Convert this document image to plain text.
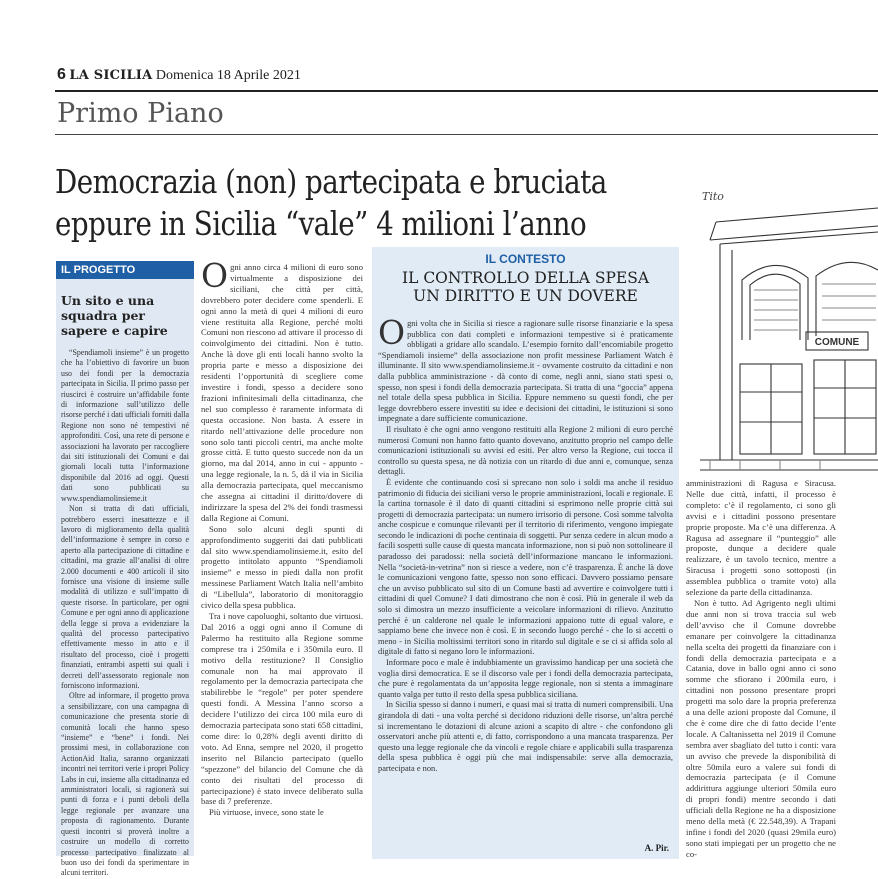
6 LA SICILIA Domenica 18 Aprile 2021
Primo Piano
Democrazia (non) partecipata e bruciata
eppure in Sicilia “vale” 4 milioni l’anno
IL PROGETTO
Un sito e una squadra per sapere e capire

“Spendiamoli insieme” è un progetto che ha l’obiettivo di favorire un buon uso dei fondi per la democrazia partecipata in Sicilia. Il primo passo per riuscirci è costruire un’affidabile fonte di informazione sull’utilizzo delle risorse perché i dati ufficiali forniti dalla Regione non sono né tempestivi né approfonditi. Così, una rete di persone e associazioni ha lavorato per raccogliere dai siti istituzionali dei Comuni e dai giornali locali tutta l’informazione disponibile dal 2016 ad oggi. Questi dati sono pubblicati su www.spendiamolinsieme.it

Non si tratta di dati ufficiali, potrebbero esserci inesattezze e il lavoro di miglioramento della qualità dell’informazione è sempre in corso e aperto alla partecipazione di cittadine e cittadini, ma grazie all’analisi di oltre 2.000 documenti e 400 articoli il sito fornisce una visione di insieme sulle modalità di utilizzo e sull’impatto di queste risorse. In particolare, per ogni Comune e per ogni anno di applicazione della legge si prova a evidenziare la qualità del processo partecipativo effettivamente messo in atto e il risultato del processo, cioè i progetti finanziati, entrambi aspetti sui quali i decreti dell’assessorato regionale non forniscono informazioni.

Oltre ad informare, il progetto prova a sensibilizzare, con una campagna di comunicazione che presenta storie di comunità locali che hanno speso “insieme” e “bene” i fondi. Nei prossimi mesi, in collaborazione con ActionAid Italia, saranno organizzati incontri nei territori verie i propri Policy Labs in cui, insieme alla cittadinanza ed amministratori locali, si ragionerà sui punti di forza e i punti deboli della legge regionale per avanzare una proposta di ragionamento. Durante questi incontri si proverà inoltre a costruire un modello di corretto processo partecipativo finalizzato al buon uso dei fondi da sperimentare in alcuni territori.

O gni anno circa 4 milioni di euro sono virtualmente a disposizione dei siciliani, che città per città, dovrebbero poter decidere come spenderli. E ogni anno la metà di quei 4 milioni di euro viene restituita alla Regione, perché molti Comuni non riescono ad attivare il processo di coinvolgimento dei cittadini. Non è tutto. Anche là dove gli enti locali hanno svolto la propria parte e messo a disposizione dei residenti l’opportunità di scegliere come investire i fondi, spesso a decidere sono frazioni infinitesimali della cittadinanza, che nel suo complesso è raramente informata di questa occasione. Non basta. A essere in ritardo nell’attivazione delle procedure non sono solo tanti piccoli centri, ma anche molte grosse città. E tutto questo succede non da un giorno, ma dal 2014, anno in cui - appunto - una legge regionale, la n. 5, dà il via in Sicilia alla democrazia partecipata, quel meccanismo che assegna ai cittadini il diritto/dovere di indirizzare la spesa del 2% dei fondi trasmessi dalla Regione ai Comuni.

Sono solo alcuni degli spunti di approfondimento suggeriti dai dati pubblicati dal sito www.spendiamolinsieme.it, esito del progetto intitolato appunto “Spendiamoli insieme” e messo in piedi dalla non profit messinese Parliament Watch Italia nell’ambito di “Libellula”, laboratorio di monitoraggio civico della spesa pubblica.

Tra i nove capoluoghi, soltanto due virtuosi. Dal 2016 a oggi ogni anno il Comune di Palermo ha restituito alla Regione somme comprese tra i 250mila e i 350mila euro. Il motivo della restituzione? Il Consiglio comunale non ha mai approvato il regolamento per la democrazia partecipata che stabilirebbe le “regole” per poter spendere questi fondi. A Messina l’anno scorso a decidere l’utilizzo dei circa 100 mila euro di democrazia partecipata sono stati 658 cittadini, come dire: lo 0,28% degli aventi diritto di voto. Ad Enna, sempre nel 2020, il progetto inserito nel Bilancio partecipato (quello “spezzone” del bilancio del Comune che dà conto dei risultati del processo di partecipazione) è stato invece deliberato sulla base di 7 preferenze.

Più virtuose, invece, sono state le

IL CONTESTO
IL CONTROLLO DELLA SPESA
UN DIRITTO E UN DOVERE
O gni volta che in Sicilia si riesce a ragionare sulle risorse finanziarie e la spesa pubblica con dati completi e informazioni tempestive si è praticamente obbligati a gridare allo scandalo. L’esempio fornito dall’encomiabile progetto “Spendiamoli insieme” della associazione non profit messinese Parliament Watch è illuminante. Il sito www.spendiamolinsieme.it - ovvamente costruito da cittadini e non dalla pubblica amministrazione - dà conto di come, negli anni, siano stati spesi o, spesso, non spesi i fondi della democrazia partecipata. Si tratta di una “goccia” appena nel totale della spesa pubblica in Sicilia. Eppure nemmeno su questi fondi, che per legge dovrebbero essere investiti su idee e decisioni dei cittadini, le istituzioni si sono impegnate a dare sufficiente comunicazione.

Il risultato è che ogni anno vengono restituiti alla Regione 2 milioni di euro perché numerosi Comuni non hanno fatto quanto dovevano, anzitutto proprio nel campo delle comunicazioni istituzionali su avvisi ed esiti. Per altro verso la Regione, cui tocca il controllo su questa spesa, ne dà notizia con un ritardo di due anni e, comunque, senza dettagli.

È evidente che continuando così si sprecano non solo i soldi ma anche il residuo patrimonio di fiducia dei siciliani verso le proprie amministrazioni, locali e regionale. E la cartina tornasole è il dato di quanti cittadini si esprimono nelle proprie città sui progetti di democrazia partecipata: un numero irrisorio di persone. Così somme talvolta anche cospicue e comunque rilevanti per il territorio di riferimento, vengono impiegate secondo le indicazioni di poche centinaia di soggetti. Pur senza cedere in alcun modo a facili sospetti sulle cause di questa mancata informazione, non si può non sottolineare il paradosso dei paradossi: nella società dell’informazione mancano le informazioni. Nella “società-in-vetrina” non si riesce a vedere, non c’è trasparenza. È anche là dove le comunicazioni vengono fatte, spesso non sono efficaci. Davvero possiamo pensare che un avviso pubblicato sul sito di un Comune basti ad avvertire e coinvolgere tutti i cittadini di quel Comune? I dati dimostrano che non è così. Più in generale il web da solo si dimostra un mezzo insufficiente a veicolare informazioni di rilievo. Anzitutto perché è un calderone nel quale le informazioni appaiono tutte di egual valore, e sappiamo bene che invece non è così. E in secondo luogo perché - che lo si accetti o meno - in Sicilia moltissimi territori sono in ritardo sul digitale e se ci si affida solo al digitale di fatto si negano loro le informazioni.

Informare poco e male è indubbiamente un gravissimo handicap per una società che voglia dirsi democratica. E se il discorso vale per i fondi della democrazia partecipata, che pure è regolamentata da un’apposita legge regionale, non si stenta a immaginare quanto valga per tutto il resto della spesa pubblica siciliana.

In Sicilia spesso si danno i numeri, e quasi mai si tratta di numeri comprensibili. Una girandola di dati - una volta perché si decidono riduzioni delle risorse, un’altra perché si incrementano le dotazioni di alcune azioni a scapito di altre - che confondono gli osservatori anche più attenti e, di fatto, corrispondono a una mancata trasparenza. Per questo una legge regionale che da vincoli e regole chiare e applicabili sulla trasparenza della spesa pubblica è oggi più che mai indispensabile: serve alla democrazia, partecipata e non.

A. Pir.

amministrazioni di Ragusa e Siracusa. Nelle due città, infatti, il processo è completo: c’è il regolamento, ci sono gli avvisi e i cittadini possono presentare proprie proposte. Ma c’è una differenza. A Ragusa ad assegnare il “punteggio” alle proposte, dunque a decidere quale realizzare, è un tavolo tecnico, mentre a Siracusa i progetti sono sottoposti (in assemblea pubblica o tramite voto) alla selezione da parte della cittadinanza.

Non è tutto. Ad Agrigento negli ultimi due anni non si trova traccia sul web dell’avviso che il Comune dovrebbe emanare per coinvolgere la cittadinanza nella scelta dei progetti da finanziare con i fondi della democrazia partecipata e a Catania, dove in ballo ogni anno ci sono somme che sfiorano i 200mila euro, i cittadini non possono presentare propri progetti ma solo dare la propria preferenza a una delle azioni proposte dal Comune, il che è come dire che di fatto decide l’ente locale. A Caltanissetta nel 2019 il Comune sembra aver sbagliato del tutto i conti: vara un avviso che prevede la disponibilità di oltre 50mila euro a valere sui fondi di democrazia partecipata (e il Comune addirittura aggiunge ulteriori 50mila euro di propri fondi) mentre secondo i dati ufficiali della Regione ne ha a disposizione meno della metà (€ 22.548,39). A Trapani infine i fondi del 2020 (quasi 29mila euro) sono stati impiegati per un progetto che ne co-

COMUNE
Tito
